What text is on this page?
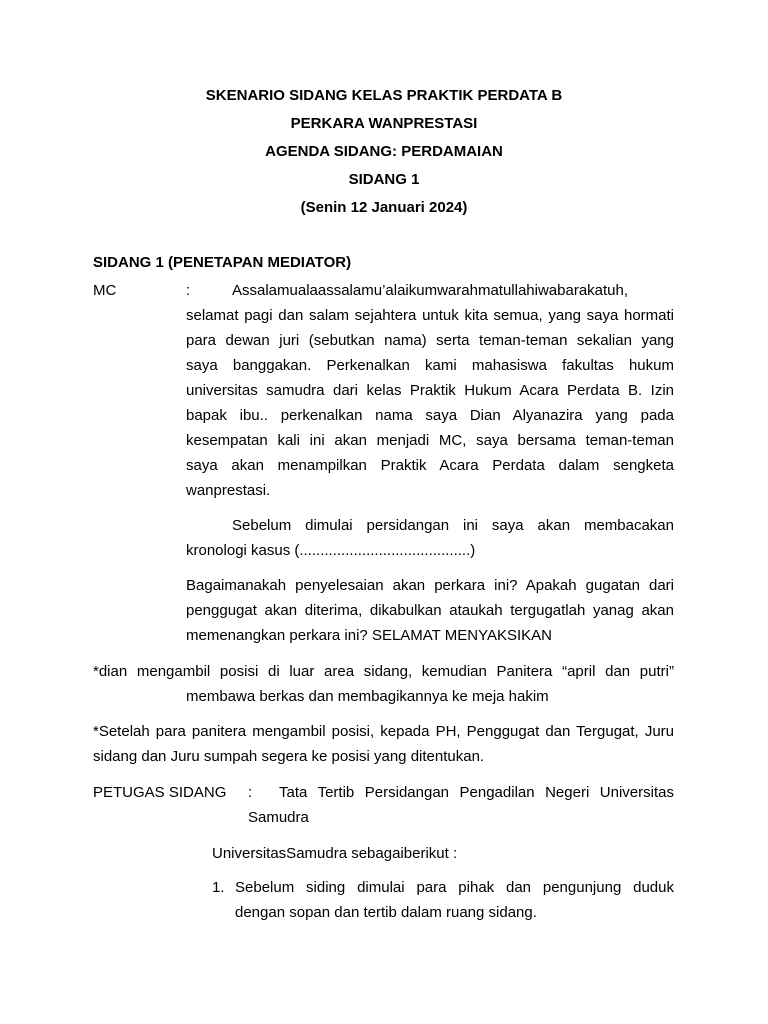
SKENARIO SIDANG KELAS PRAKTIK PERDATA B
PERKARA WANPRESTASI
AGENDA SIDANG: PERDAMAIAN
SIDANG 1
(Senin 12 Januari 2024)
SIDANG 1 (PENETAPAN MEDIATOR)
MC	:	Assalamualaassalamu’alaikumwarahmatullahiwabarakatuh,
selamat pagi dan salam sejahtera untuk kita semua, yang saya hormati
para dewan juri (sebutkan nama) serta teman-teman sekalian yang
saya banggakan. Perkenalkan kami mahasiswa fakultas hukum
universitas samudra dari kelas Praktik Hukum Acara Perdata B. Izin
bapak ibu.. perkenalkan nama saya Dian Alyanazira yang pada
kesempatan kali ini akan menjadi MC, saya bersama teman-teman
saya akan menampilkan Praktik Acara Perdata dalam sengketa
wanprestasi.
Sebelum dimulai persidangan ini saya akan membacakan
kronologi kasus (.........................................)
Bagaimanakah penyelesaian akan perkara ini? Apakah gugatan dari
penggugat akan diterima, dikabulkan ataukah tergugatlah yanag akan
memenangkan perkara ini? SELAMAT MENYAKSIKAN
*dian mengambil posisi di luar area sidang, kemudian Panitera “april dan putri”
membawa berkas dan membagikannya ke meja hakim
*Setelah para panitera mengambil posisi, kepada PH, Penggugat dan Tergugat, Juru
sidang dan Juru sumpah segera ke posisi yang ditentukan.
PETUGAS SIDANG : Tata Tertib Persidangan Pengadilan Negeri Universitas
Samudra
UniversitasSamudra sebagaiberikut :
1. Sebelum siding dimulai para pihak dan pengunjung duduk
dengan sopan dan tertib dalam ruang sidang.
